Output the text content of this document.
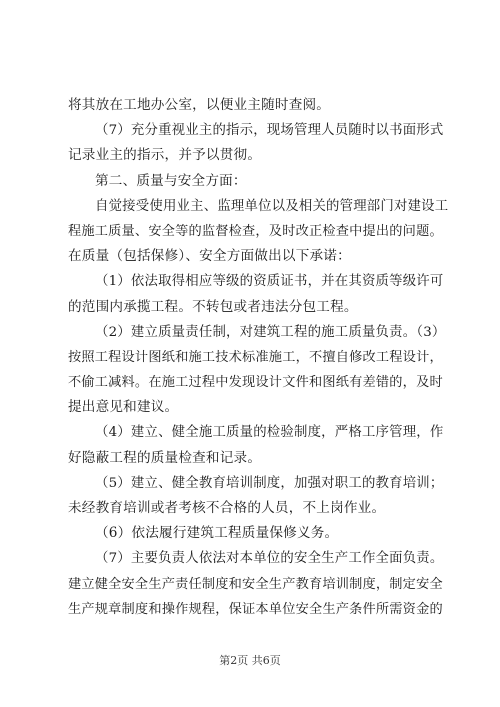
将其放在工地办公室，以便业主随时查阅。
（7）充分重视业主的指示，现场管理人员随时以书面形式
记录业主的指示，并予以贯彻。
第二、质量与安全方面：
自觉接受使用业主、监理单位以及相关的管理部门对建设工
程施工质量、安全等的监督检查，及时改正检查中提出的问题。
在质量（包括保修）、安全方面做出以下承诺：
（1）依法取得相应等级的资质证书，并在其资质等级许可
的范围内承揽工程。不转包或者违法分包工程。
（2）建立质量责任制，对建筑工程的施工质量负责。（3）
按照工程设计图纸和施工技术标准施工，不擅自修改工程设计，
不偷工减料。在施工过程中发现设计文件和图纸有差错的，及时
提出意见和建议。
（4）建立、健全施工质量的检验制度，严格工序管理，作
好隐蔽工程的质量检查和记录。
（5）建立、健全教育培训制度，加强对职工的教育培训；
未经教育培训或者考核不合格的人员，不上岗作业。
（6）依法履行建筑工程质量保修义务。
（7）主要负责人依法对本单位的安全生产工作全面负责。
建立健全安全生产责任制度和安全生产教育培训制度，制定安全
生产规章制度和操作规程，保证本单位安全生产条件所需资金的
第2页 共6页
